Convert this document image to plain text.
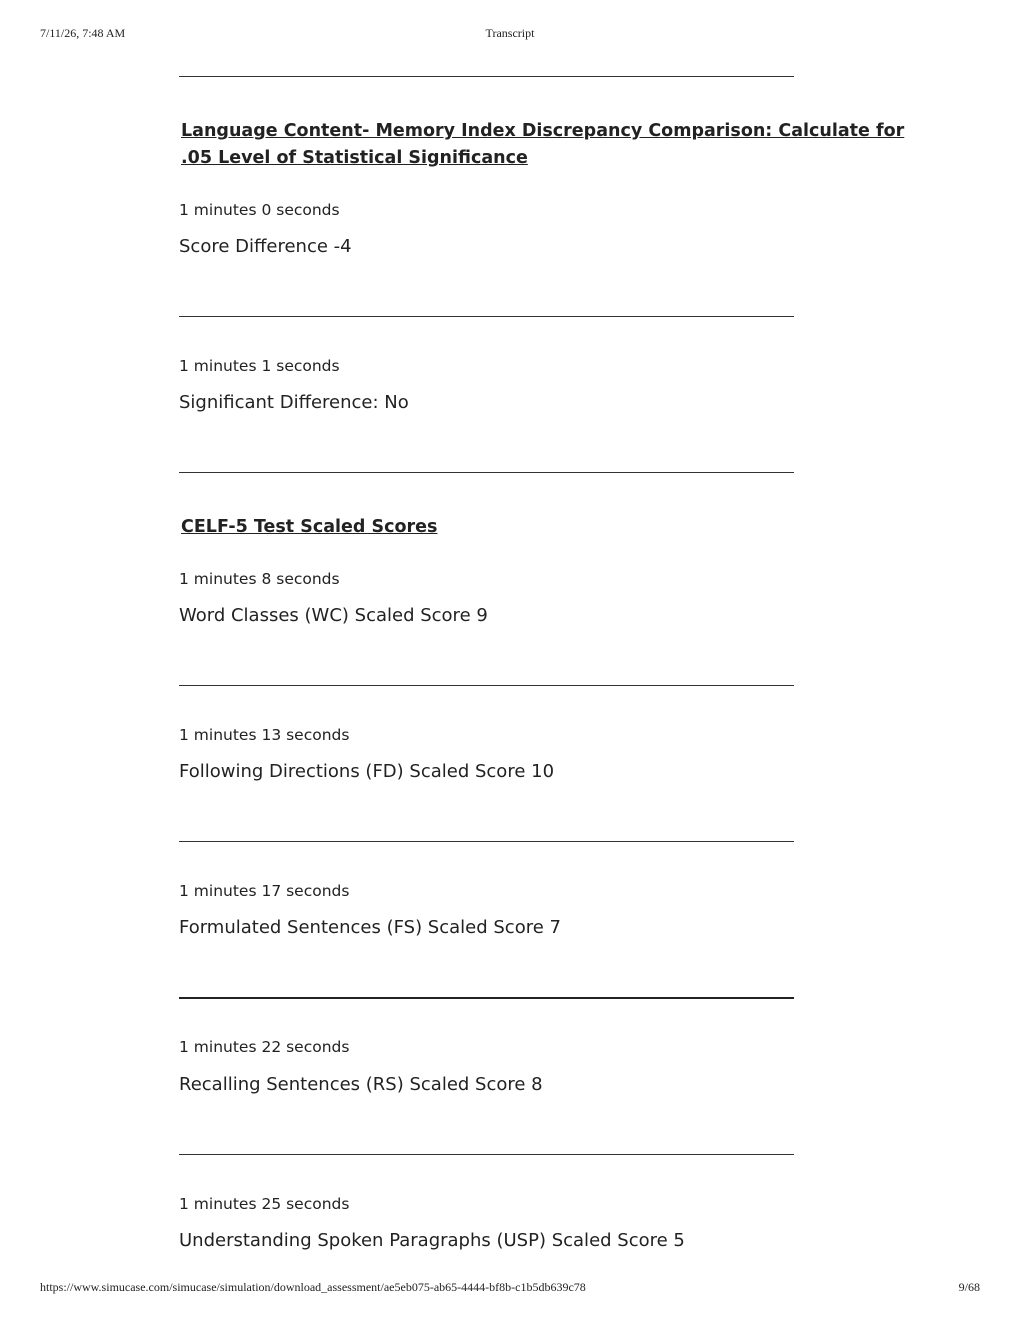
7/11/26, 7:48 AM	Transcript
Language Content- Memory Index Discrepancy Comparison: Calculate for .05 Level of Statistical Significance
1 minutes 0 seconds
Score Difference -4
1 minutes 1 seconds
Significant Difference: No
CELF-5 Test Scaled Scores
1 minutes 8 seconds
Word Classes (WC) Scaled Score 9
1 minutes 13 seconds
Following Directions (FD) Scaled Score 10
1 minutes 17 seconds
Formulated Sentences (FS) Scaled Score 7
1 minutes 22 seconds
Recalling Sentences (RS) Scaled Score 8
1 minutes 25 seconds
Understanding Spoken Paragraphs (USP) Scaled Score 5
https://www.simucase.com/simucase/simulation/download_assessment/ae5eb075-ab65-4444-bf8b-c1b5db639c78	9/68
